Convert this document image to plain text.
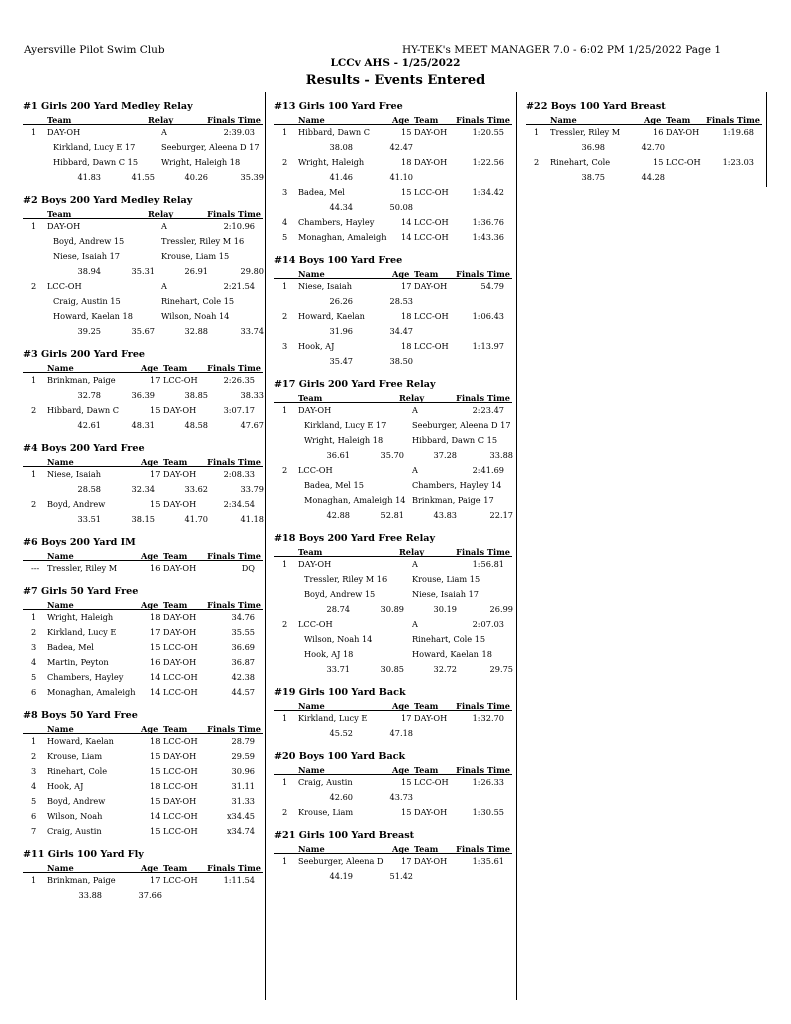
Ayersville Pilot Swim Club	HY-TEK's MEET MANAGER 7.0 - 6:02 PM 1/25/2022 Page 1
LCCv AHS - 1/25/2022
Results - Events Entered
#1 Girls 200 Yard Medley Relay
Team	Relay	Finals Time
1 DAY-OH	A	2:39.03
Kirkland, Lucy E 17	Seeburger, Aleena D 17
Hibbard, Dawn C 15	Wright, Haleigh 18
41.83	41.55	40.26	35.39
#2 Boys 200 Yard Medley Relay
Team	Relay	Finals Time
1 DAY-OH	A	2:10.96
Boyd, Andrew 15	Tressler, Riley M 16
Niese, Isaiah 17	Krouse, Liam 15
38.94	35.31	26.91	29.80
2 LCC-OH	A	2:21.54
Craig, Austin 15	Rinehart, Cole 15
Howard, Kaelan 18	Wilson, Noah 14
39.25	35.67	32.88	33.74
#3 Girls 200 Yard Free
Name	Age Team Finals Time
1 Brinkman, Paige	17 LCC-OH	2:26.35
32.78	36.39	38.85	38.33
2 Hibbard, Dawn C	15 DAY-OH	3:07.17
42.61	48.31	48.58	47.67
#4 Boys 200 Yard Free
Name	Age Team Finals Time
1 Niese, Isaiah	17 DAY-OH	2:08.33
28.58	32.34	33.62	33.79
2 Boyd, Andrew	15 DAY-OH	2:34.54
33.51	38.15	41.70	41.18
#6 Boys 200 Yard IM
Name	Age Team Finals Time
--- Tressler, Riley M	16 DAY-OH	DQ
#7 Girls 50 Yard Free
Name	Age Team Finals Time
1 Wright, Haleigh	18 DAY-OH	34.76
2 Kirkland, Lucy E	17 DAY-OH	35.55
3 Badea, Mel	15 LCC-OH	36.69
4 Martin, Peyton	16 DAY-OH	36.87
5 Chambers, Hayley	14 LCC-OH	42.38
6 Monaghan, Amaleigh 14 LCC-OH	44.57
#8 Boys 50 Yard Free
Name	Age Team Finals Time
1 Howard, Kaelan	18 LCC-OH	28.79
2 Krouse, Liam	15 DAY-OH	29.59
3 Rinehart, Cole	15 LCC-OH	30.96
4 Hook, AJ	18 LCC-OH	31.11
5 Boyd, Andrew	15 DAY-OH	31.33
6 Wilson, Noah	14 LCC-OH	x34.45
7 Craig, Austin	15 LCC-OH	x34.74
#11 Girls 100 Yard Fly
Name	Age Team Finals Time
1 Brinkman, Paige	17 LCC-OH	1:11.54
33.88	37.66
#13 Girls 100 Yard Free
Name	Age Team Finals Time
1 Hibbard, Dawn C	15 DAY-OH	1:20.55
38.08	42.47
2 Wright, Haleigh	18 DAY-OH	1:22.56
41.46	41.10
3 Badea, Mel	15 LCC-OH	1:34.42
44.34	50.08
4 Chambers, Hayley	14 LCC-OH	1:36.76
5 Monaghan, Amaleigh 14 LCC-OH	1:43.36
#14 Boys 100 Yard Free
Name	Age Team Finals Time
1 Niese, Isaiah	17 DAY-OH	54.79
26.26	28.53
2 Howard, Kaelan	18 LCC-OH	1:06.43
31.96	34.47
3 Hook, AJ	18 LCC-OH	1:13.97
35.47	38.50
#17 Girls 200 Yard Free Relay
Team	Relay	Finals Time
1 DAY-OH	A	2:23.47
Kirkland, Lucy E 17	Seeburger, Aleena D 17
Wright, Haleigh 18	Hibbard, Dawn C 15
36.61	35.70	37.28	33.88
2 LCC-OH	A	2:41.69
Badea, Mel 15	Chambers, Hayley 14
Monaghan, Amaleigh 14 Brinkman, Paige 17
42.88	52.81	43.83	22.17
#18 Boys 200 Yard Free Relay
Team	Relay	Finals Time
1 DAY-OH	A	1:56.81
Tressler, Riley M 16	Krouse, Liam 15
Boyd, Andrew 15	Niese, Isaiah 17
28.74	30.89	30.19	26.99
2 LCC-OH	A	2:07.03
Wilson, Noah 14	Rinehart, Cole 15
Hook, AJ 18	Howard, Kaelan 18
33.71	30.85	32.72	29.75
#19 Girls 100 Yard Back
Name	Age Team Finals Time
1 Kirkland, Lucy E	17 DAY-OH	1:32.70
45.52	47.18
#20 Boys 100 Yard Back
Name	Age Team Finals Time
1 Craig, Austin	15 LCC-OH	1:26.33
42.60	43.73
2 Krouse, Liam	15 DAY-OH	1:30.55
#21 Girls 100 Yard Breast
Name	Age Team Finals Time
1 Seeburger, Aleena D 17 DAY-OH	1:35.61
44.19	51.42
#22 Boys 100 Yard Breast
Name	Age Team Finals Time
1 Tressler, Riley M	16 DAY-OH	1:19.68
36.98	42.70
2 Rinehart, Cole	15 LCC-OH	1:23.03
38.75	44.28
